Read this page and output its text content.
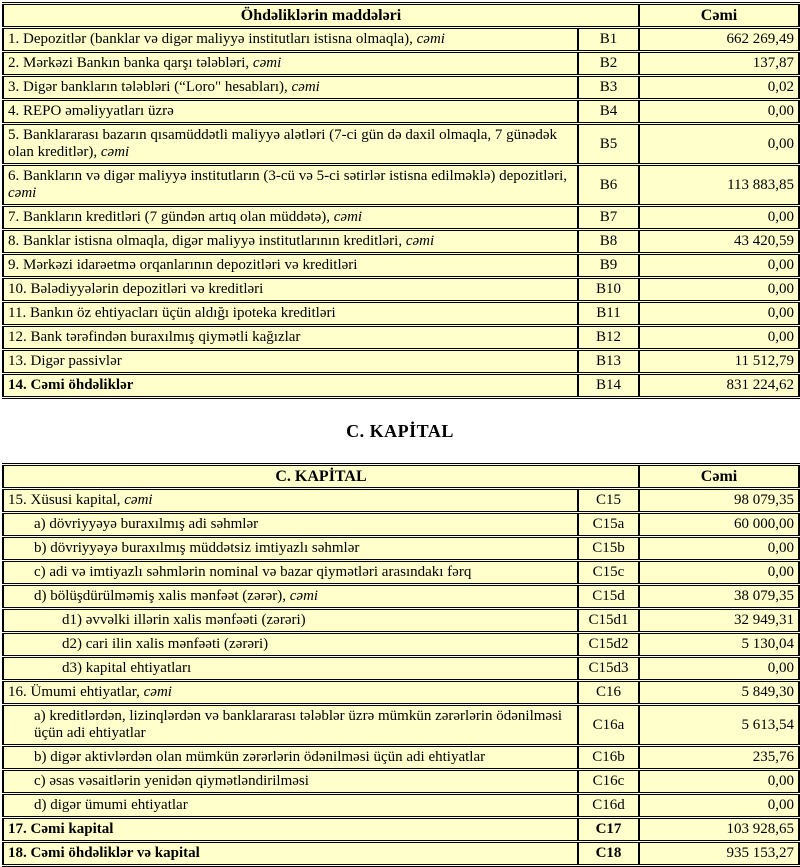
Öhdəliklərin maddələri		Cəmi
1. Depozitlər (banklar və digər maliyyə institutları istisna olmaqla), cəmi	B1	662 269,49
2. Mərkəzi Bankın banka qarşı tələbləri, cəmi	B2	137,87
3. Digər bankların tələbləri (“Loro" hesabları), cəmi	B3	0,02
4. REPO əməliyyatları üzrə	B4	0,00
5. Banklararası bazarın qısamüddətli maliyyə alətləri (7-ci gün də daxil olmaqla, 7 günədək olan kreditlər), cəmi	B5	0,00
6. Bankların və digər maliyyə institutların (3-cü və 5-ci sətirlər istisna edilməklə) depozitləri, cəmi	B6	113 883,85
7. Bankların kreditləri (7 gündən artıq olan müddətə), cəmi	B7	0,00
8. Banklar istisna olmaqla, digər maliyyə institutlarının kreditləri, cəmi	B8	43 420,59
9. Mərkəzi idarəetmə orqanlarının depozitləri və kreditləri	B9	0,00
10. Bələdiyyələrin depozitləri və kreditləri	B10	0,00
11. Bankın öz ehtiyacları üçün aldığı ipoteka kreditləri	B11	0,00
12. Bank tərəfindən buraxılmış qiymətli kağızlar	B12	0,00
13. Digər passivlər	B13	11 512,79
14. Cəmi öhdəliklər	B14	831 224,62
C. KAPİTAL
C. KAPİTAL		Cəmi
15. Xüsusi kapital, cəmi	C15	98 079,35
a) dövriyyəyə buraxılmış adi səhmlər	C15a	60 000,00
b) dövriyyəyə buraxılmış müddətsiz imtiyazlı səhmlər	C15b	0,00
c) adi və imtiyazlı səhmlərin nominal və bazar qiymətləri arasındakı fərq	C15c	0,00
d) bölüşdürülməmiş xalis mənfəət (zərər), cəmi	C15d	38 079,35
d1) əvvəlki illərin xalis mənfəəti (zərəri)	C15d1	32 949,31
d2) cari ilin xalis mənfəəti (zərəri)	C15d2	5 130,04
d3) kapital ehtiyatları	C15d3	0,00
16. Ümumi ehtiyatlar, cəmi	C16	5 849,30
a) kreditlərdən, lizinqlərdən və banklararası tələblər üzrə mümkün zərərlərin ödənilməsi üçün adi ehtiyatlar	C16a	5 613,54
b) digər aktivlərdən olan mümkün zərərlərin ödənilməsi üçün adi ehtiyatlar	C16b	235,76
c) əsas vəsaitlərin yenidən qiymətləndirilməsi	C16c	0,00
d) digər ümumi ehtiyatlar	C16d	0,00
17. Cəmi kapital	C17	103 928,65
18. Cəmi öhdəliklər və kapital	C18	935 153,27
